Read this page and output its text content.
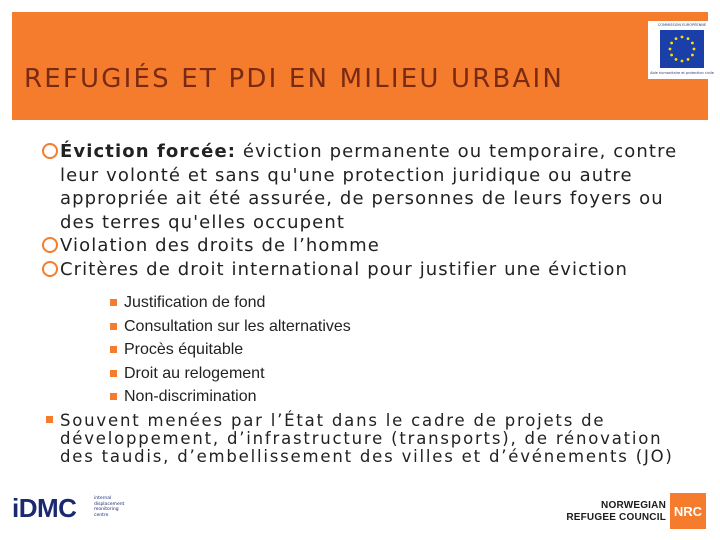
REFUGIÉS ET PDI EN MILIEU URBAIN
COMMISSION EUROPÉENNE
Aide humanitaire et protection civile
Éviction forcée: éviction permanente ou temporaire, contre leur volonté et sans qu'une protection juridique ou autre appropriée ait été assurée, de personnes de leurs foyers ou des terres qu'elles occupent
Violation des droits de l’homme
Critères de droit international pour justifier une éviction
Justification de fond
Consultation sur les alternatives
Procès équitable
Droit au relogement
Non-discrimination
Souvent menées par l’État dans le cadre de projets de développement, d’infrastructure (transports), de rénovation des taudis, d’embellissement des villes et d’événements (JO)
iDMC	internal
displacement
monitoring
centre
NORWEGIAN
REFUGEE COUNCIL NRC
